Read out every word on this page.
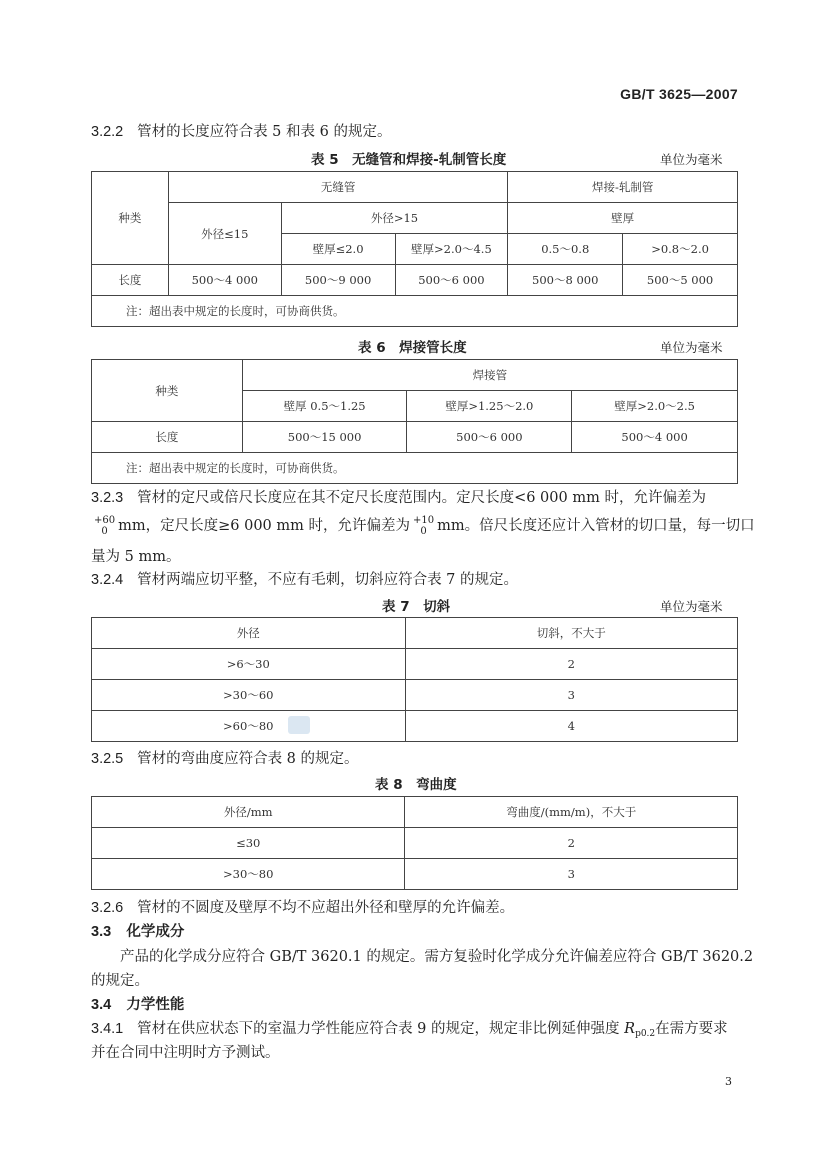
GB/T 3625—2007
3.2.2 管材的长度应符合表 5 和表 6 的规定。
表 5　无缝管和焊接-轧制管长度	单位为毫米
种类	无缝管			焊接-轧制管	
	外径≤15	外径>15		壁厚	
		壁厚≤2.0	壁厚>2.0～4.5	0.5～0.8	>0.8～2.0
长度	500～4 000	500～9 000	500～6 000	500～8 000	500～5 000
注：超出表中规定的长度时，可协商供货。					
表 6　焊接管长度	单位为毫米
种类	焊接管		
	壁厚 0.5～1.25	壁厚>1.25～2.0	壁厚>2.0～2.5
长度	500～15 000	500～6 000	500～4 000
注：超出表中规定的长度时，可协商供货。			
3.2.3 管材的定尺或倍尺长度应在其不定尺长度范围内。定尺长度<6 000 mm 时，允许偏差为
+60
0 mm，定尺长度≥6 000 mm 时，允许偏差为 +10
0 mm。倍尺长度还应计入管材的切口量，每一切口
量为 5 mm。
3.2.4 管材两端应切平整，不应有毛刺，切斜应符合表 7 的规定。
表 7　切斜	单位为毫米
外径	切斜，不大于
>6～30	2
>30～60	3
>60～80	4
3.2.5 管材的弯曲度应符合表 8 的规定。
表 8　弯曲度
外径/mm	弯曲度/(mm/m)，不大于
≤30	2
>30～80	3
3.2.6 管材的不圆度及壁厚不均不应超出外径和壁厚的允许偏差。
3.3 化学成分
产品的化学成分应符合 GB/T 3620.1 的规定。需方复验时化学成分允许偏差应符合 GB/T 3620.2
的规定。
3.4 力学性能
3.4.1 管材在供应状态下的室温力学性能应符合表 9 的规定，规定非比例延伸强度 $R_{p0.2}$在需方要求
并在合同中注明时方予测试。
3
